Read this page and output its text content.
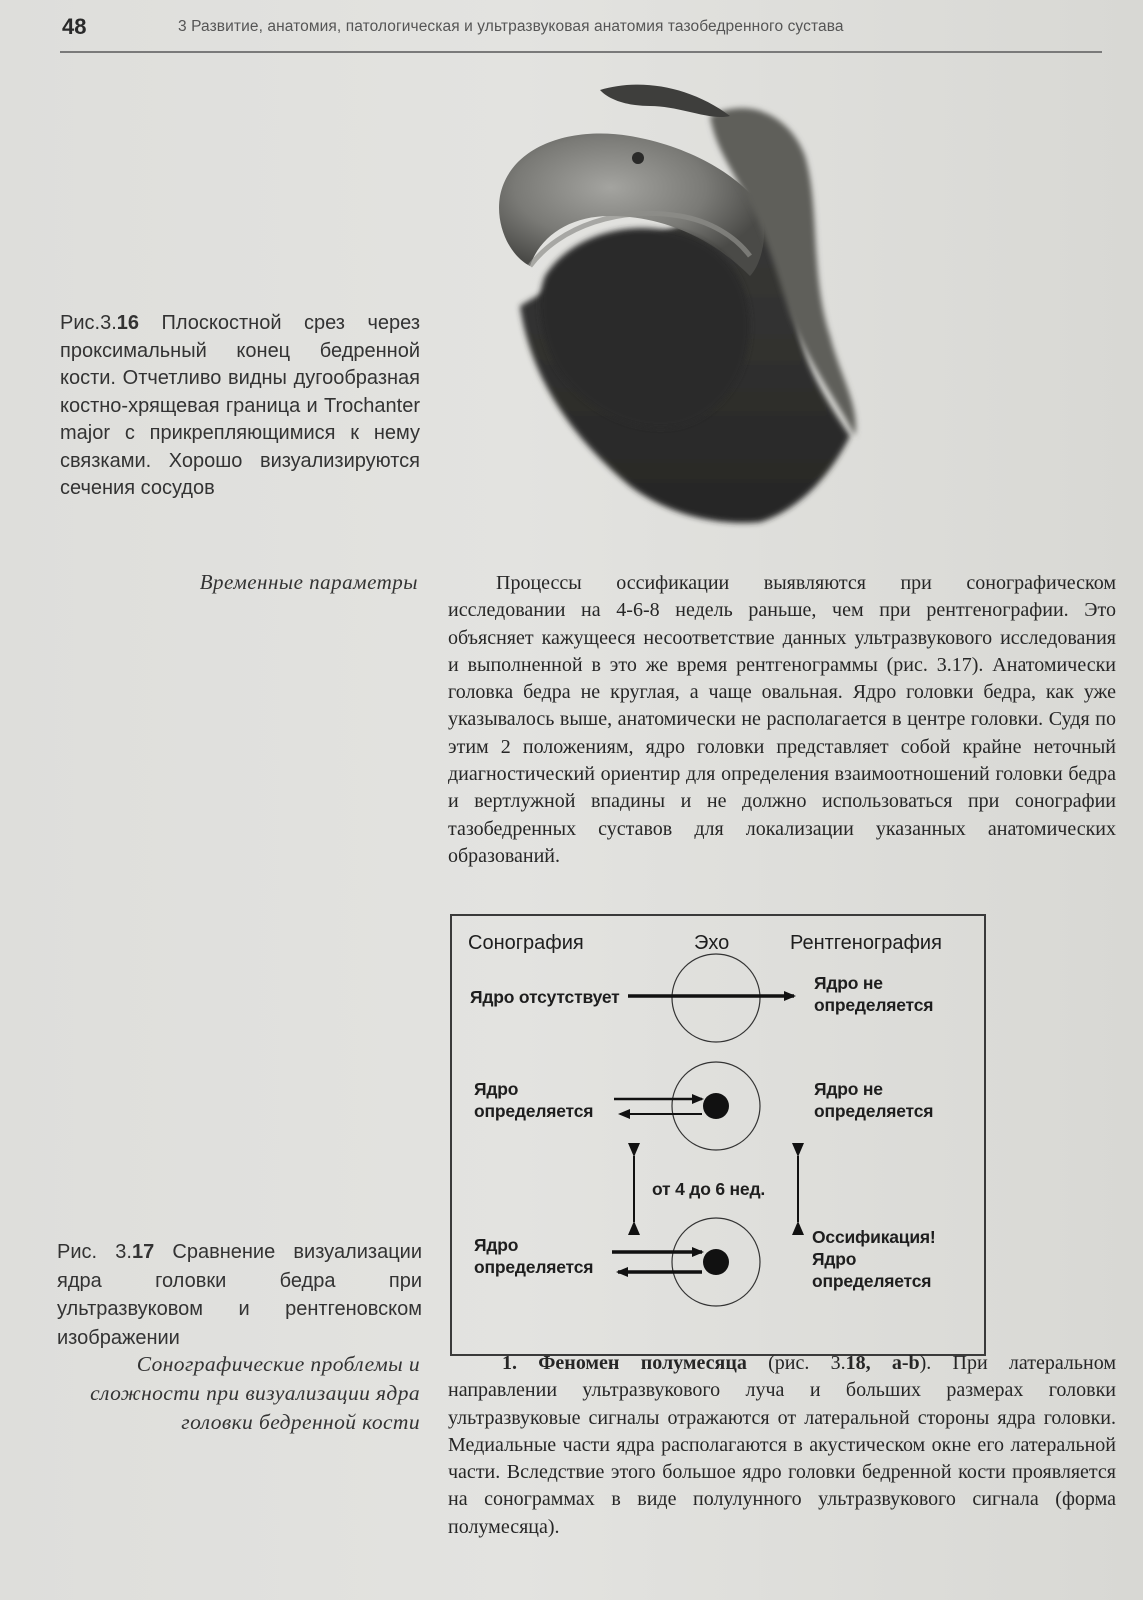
48	3 Развитие, анатомия, патологическая и ультразвуковая анатомия тазобедренного сустава
Рис.3.16 Плоскостной срез через проксимальный конец бедренной кости. Отчетливо видны дугообразная костно-хрящевая граница и Trochanter major с прикрепляющимися к нему связками. Хорошо визуализируются сечения сосудов
Временные параметры	Процессы оссификации выявляются при сонографическом исследовании на 4-6-8 недель раньше, чем при рентгенографии. Это объясняет кажущееся несоответствие данных ультразвукового исследования и выполненной в это же время рентгенограммы (рис. 3.17). Анатомически головка бедра не круглая, а чаще овальная. Ядро головки бедра, как уже указывалось выше, анатомически не располагается в центре головки. Судя по этим 2 положениям, ядро головки представляет собой крайне неточный диагностический ориентир для определения взаимоотношений головки бедра и вертлужной впадины и не должно использоваться при сонографии тазобедренных суставов для локализации указанных анатомических образований.
Сонография	Эхо	Рентгенография
Ядро отсутствует
Ядро не
определяется
Ядро
определяется
Ядро не
определяется
от 4 до 6 нед.
Ядро
определяется
Оссификация!
Ядро
определяется
Рис. 3.17 Сравнение визуализации ядра головки бедра при ультразвуковом и рентгеновском изображении
Сонографические проблемы и сложности при визуализации ядра головки бедренной кости
1. Феномен полумесяца (рис. 3.18, a-b). При латеральном направлении ультразвукового луча и больших размерах головки ультразвуковые сигналы отражаются от латеральной стороны ядра головки. Медиальные части ядра располагаются в акустическом окне его латеральной части. Вследствие этого большое ядро головки бедренной кости проявляется на сонограммах в виде полулунного ультразвукового сигнала (форма полумесяца).
